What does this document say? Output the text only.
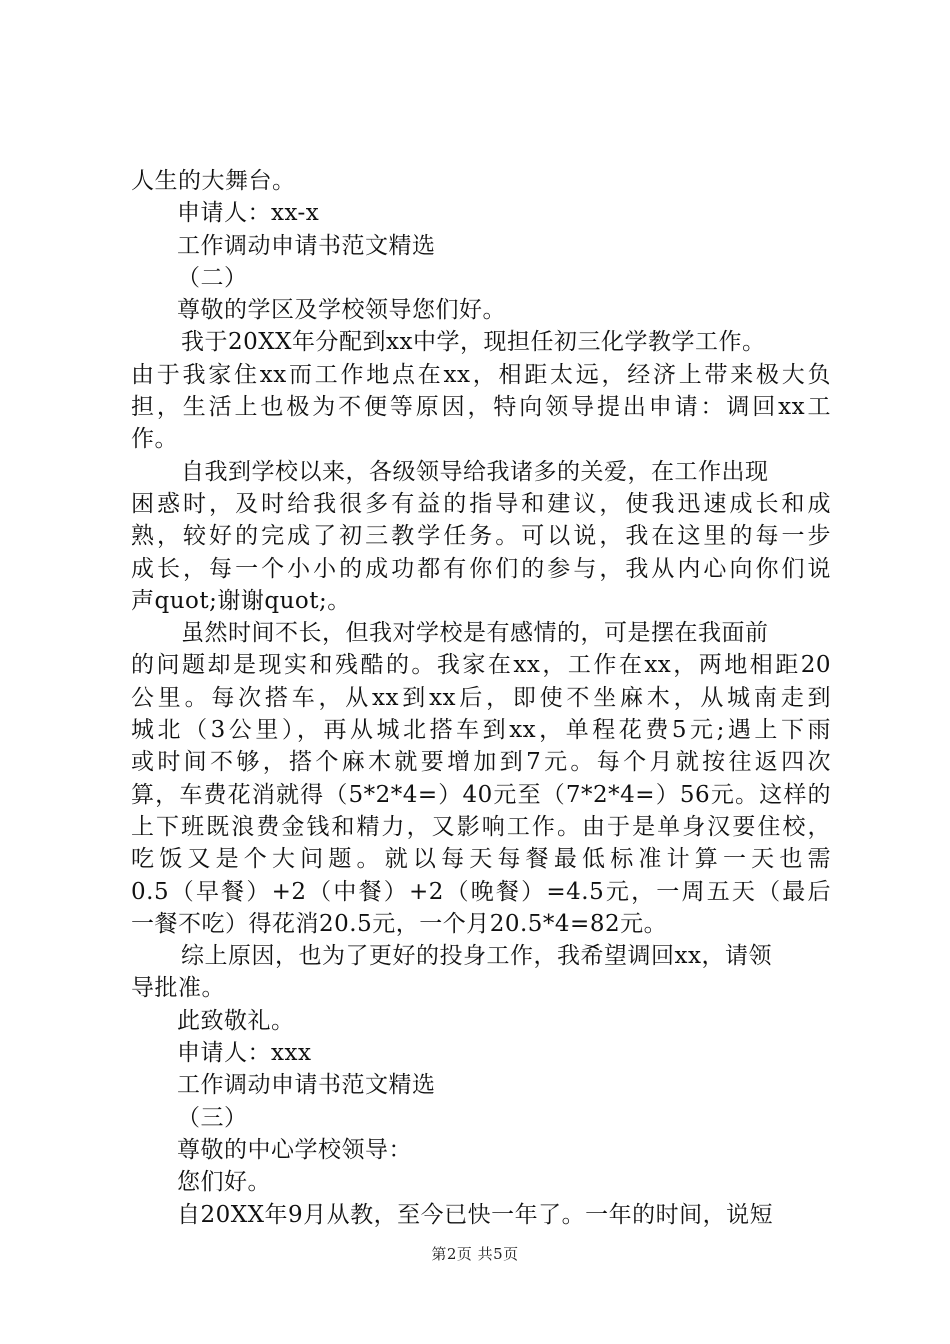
人生的大舞台。

申请人：xx-x

工作调动申请书范文精选

（二）

尊敬的学区及学校领导您们好。

我于20XX年分配到xx中学，现担任初三化学教学工作。

由于我家住xx而工作地点在xx，相距太远，经济上带来极大负

担，生活上也极为不便等原因，特向领导提出申请：调回xx工

作。

自我到学校以来，各级领导给我诸多的关爱，在工作出现

困惑时，及时给我很多有益的指导和建议，使我迅速成长和成

熟，较好的完成了初三教学任务。可以说，我在这里的每一步

成长，每一个小小的成功都有你们的参与，我从内心向你们说

声quot;谢谢quot;。

虽然时间不长，但我对学校是有感情的，可是摆在我面前

的问题却是现实和残酷的。我家在xx，工作在xx，两地相距20

公里。每次搭车，从xx到xx后，即使不坐麻木，从城南走到

城北（3公里），再从城北搭车到xx，单程花费5元;遇上下雨

或时间不够，搭个麻木就要增加到7元。每个月就按往返四次

算，车费花消就得（5*2*4=）40元至（7*2*4=）56元。这样的

上下班既浪费金钱和精力，又影响工作。由于是单身汉要住校，

吃饭又是个大问题。就以每天每餐最低标准计算一天也需

0.5（早餐）+2（中餐）+2（晚餐）=4.5元，一周五天（最后

一餐不吃）得花消20.5元，一个月20.5*4=82元。

综上原因，也为了更好的投身工作，我希望调回xx，请领

导批准。

此致敬礼。

申请人：xxx

工作调动申请书范文精选

（三）

尊敬的中心学校领导：

您们好。

自20XX年9月从教，至今已快一年了。一年的时间，说短

第2页 共5页
